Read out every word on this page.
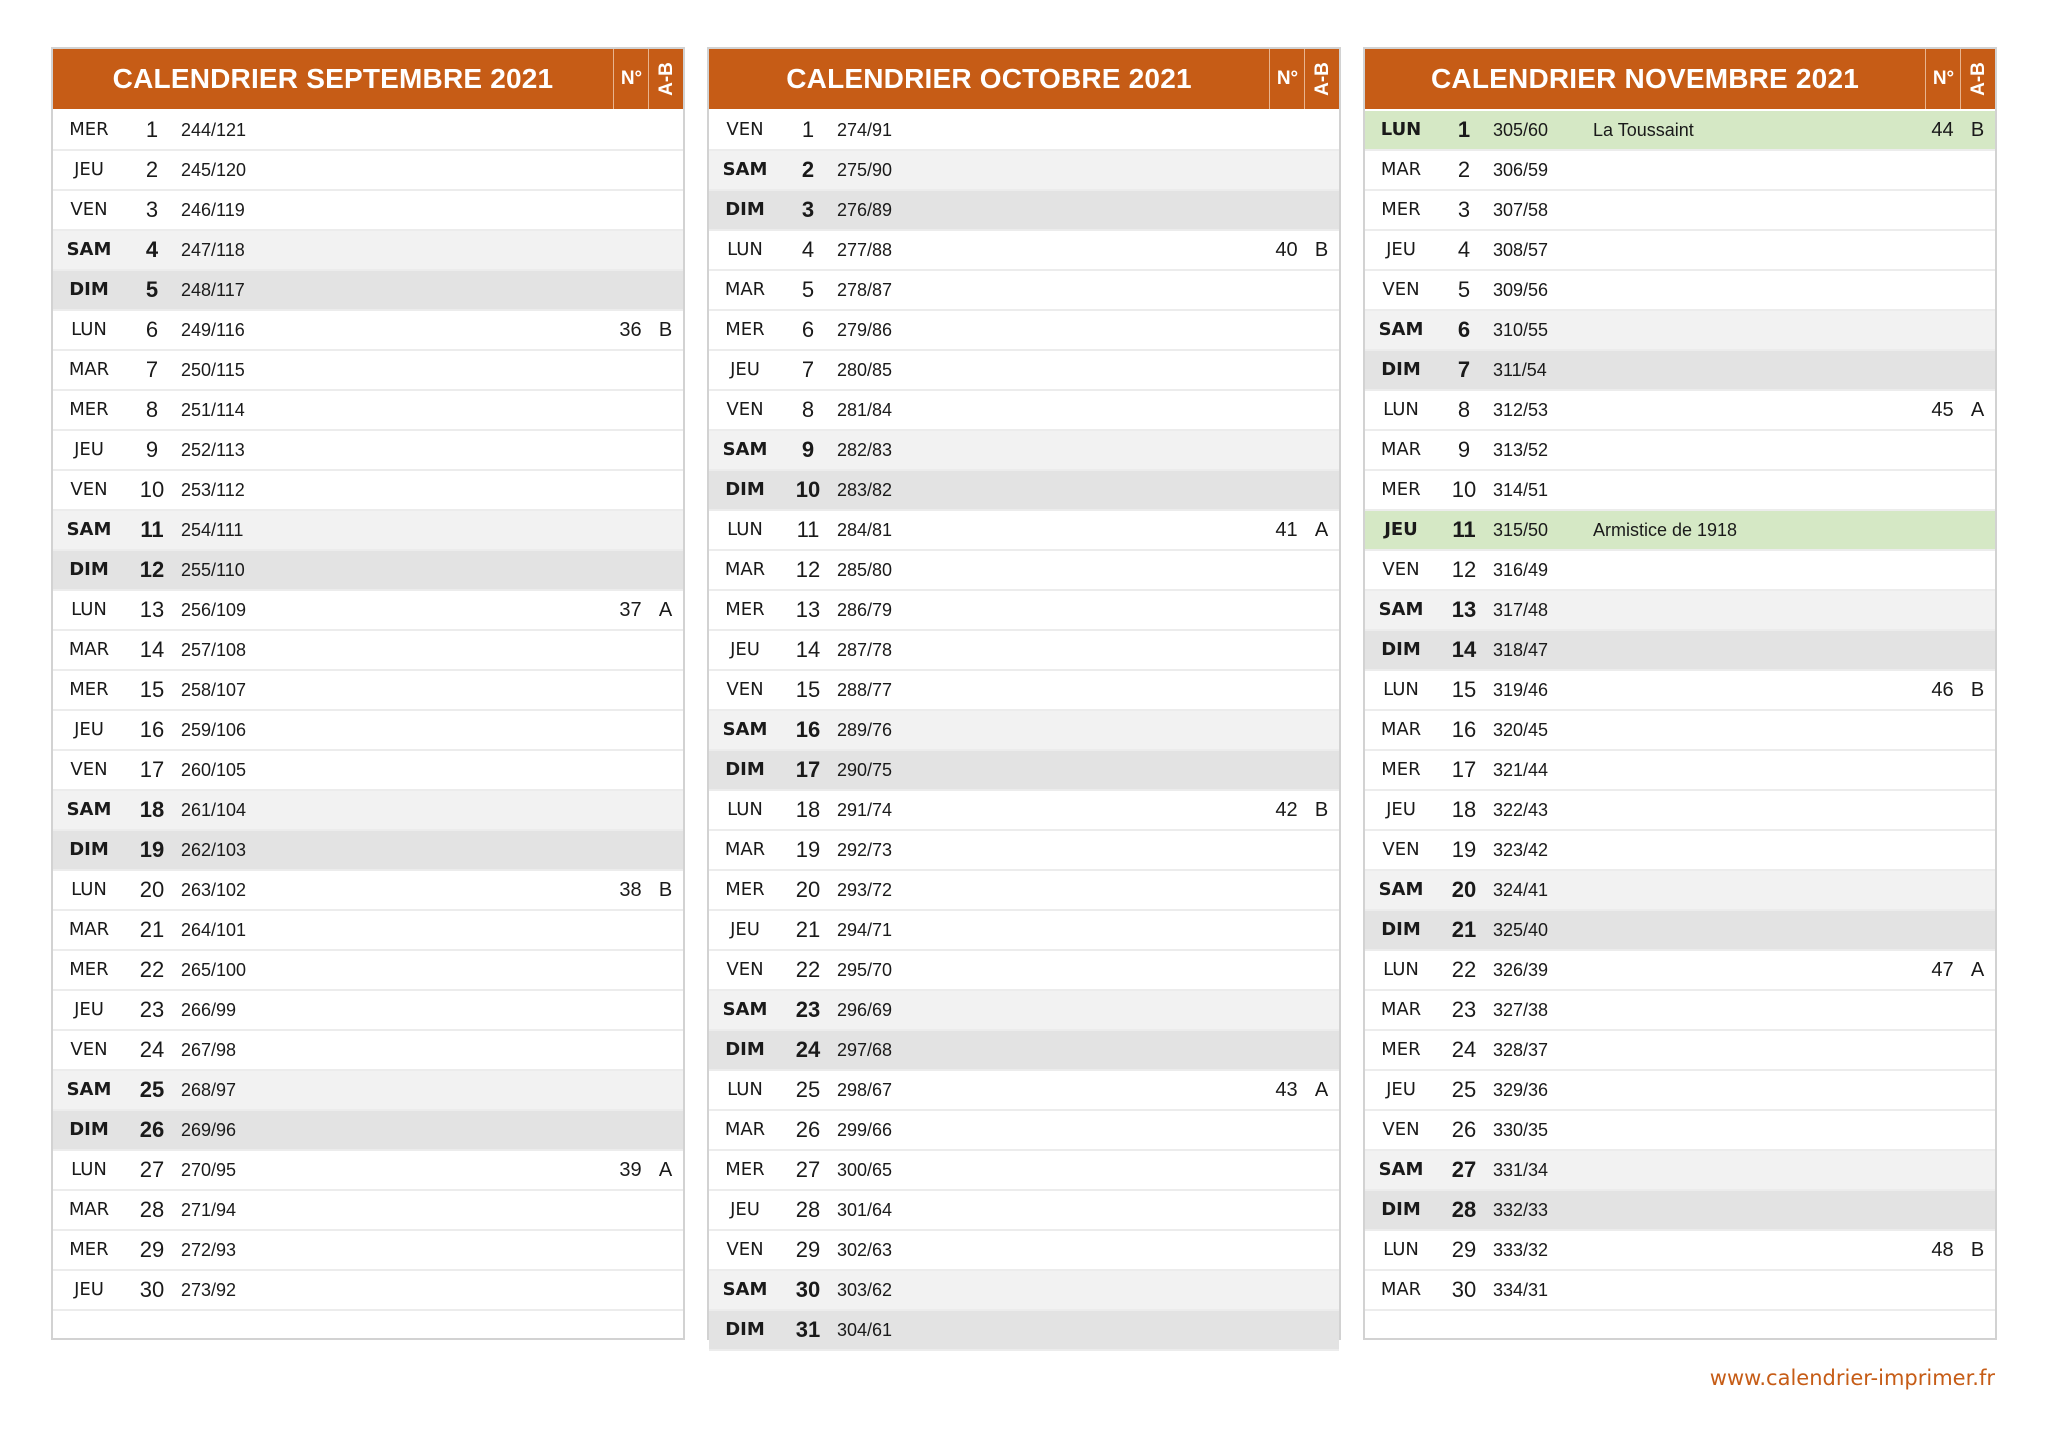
CALENDRIER SEPTEMBRE 2021	N° A-B
MER	1	244/121
JEU	2	245/120
VEN	3	246/119
SAM	4	247/118
DIM	5	248/117
LUN	6	249/116	36 B
MAR	7	250/115
MER	8	251/114
JEU	9	252/113
VEN	10 253/112
SAM	11 254/111
DIM	12 255/110
LUN	13 256/109	37 A
MAR	14 257/108
MER	15 258/107
JEU	16 259/106
VEN	17 260/105
SAM	18 261/104
DIM	19 262/103
LUN	20 263/102	38 B
MAR	21 264/101
MER	22 265/100
JEU	23 266/99
VEN	24 267/98
SAM	25 268/97
DIM	26 269/96
LUN	27 270/95	39 A
MAR	28 271/94
MER	29 272/93
JEU	30 273/92
CALENDRIER OCTOBRE 2021	N° A-B
VEN	1	274/91
SAM	2	275/90
DIM	3	276/89
LUN	4	277/88	40 B
MAR	5	278/87
MER	6	279/86
JEU	7	280/85
VEN	8	281/84
SAM	9	282/83
DIM	10 283/82
LUN	11 284/81	41 A
MAR	12 285/80
MER	13 286/79
JEU	14 287/78
VEN	15 288/77
SAM	16 289/76
DIM	17 290/75
LUN	18 291/74	42 B
MAR	19 292/73
MER	20 293/72
JEU	21 294/71
VEN	22 295/70
SAM	23 296/69
DIM	24 297/68
LUN	25 298/67	43 A
MAR	26 299/66
MER	27 300/65
JEU	28 301/64
VEN	29 302/63
SAM	30 303/62
DIM	31 304/61
CALENDRIER NOVEMBRE 2021	N° A-B
LUN	1	305/60 La Toussaint	44 B
MAR	2	306/59
MER	3	307/58
JEU	4	308/57
VEN	5	309/56
SAM	6	310/55
DIM	7	311/54
LUN	8	312/53	45 A
MAR	9	313/52
MER	10 314/51
JEU	11 315/50 Armistice de 1918
VEN	12 316/49
SAM	13 317/48
DIM	14 318/47
LUN	15 319/46	46 B
MAR	16 320/45
MER	17 321/44
JEU	18 322/43
VEN	19 323/42
SAM	20 324/41
DIM	21 325/40
LUN	22 326/39	47 A
MAR	23 327/38
MER	24 328/37
JEU	25 329/36
VEN	26 330/35
SAM	27 331/34
DIM	28 332/33
LUN	29 333/32	48 B
MAR	30 334/31
www.calendrier-imprimer.fr
